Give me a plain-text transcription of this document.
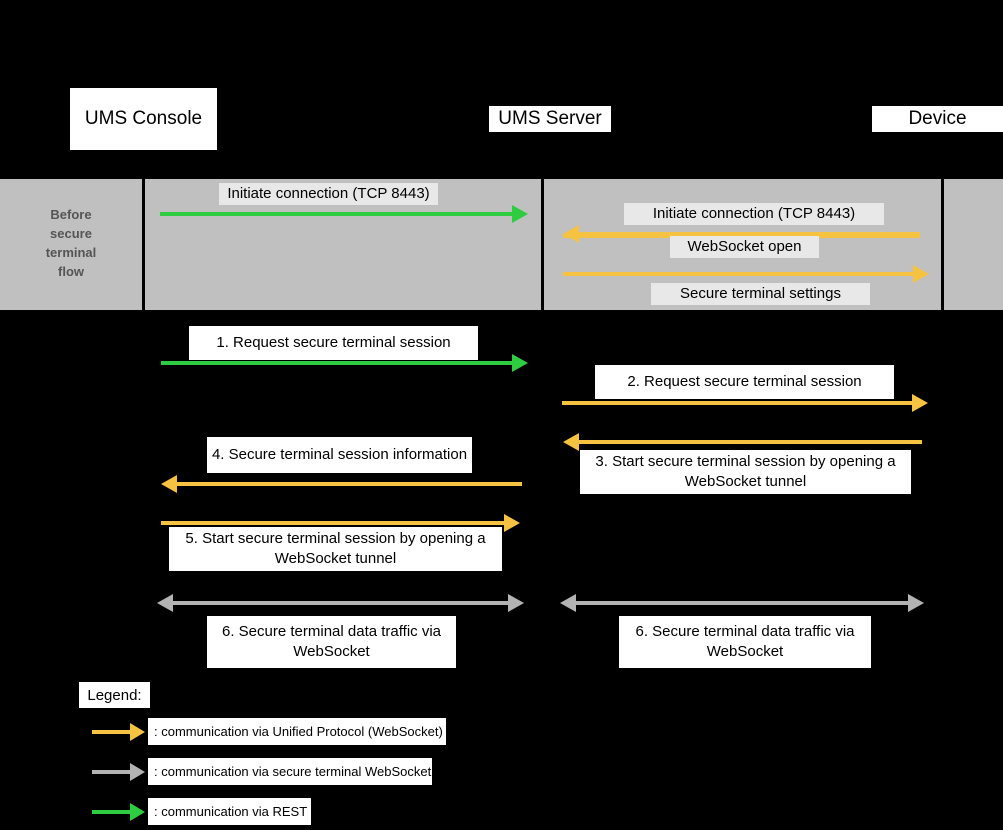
UMS Console	UMS Server	Device
Before
secure
terminal
flow
Initiate connection (TCP 8443)
Initiate connection (TCP 8443)
WebSocket open
Secure terminal settings
1. Request secure terminal session
2. Request secure terminal session
3. Start secure terminal session by opening a WebSocket tunnel
4. Secure terminal session information
5. Start secure terminal session by opening a WebSocket tunnel
6. Secure terminal data traffic via WebSocket
6. Secure terminal data traffic via WebSocket
Legend:
: communication via Unified Protocol (WebSocket)
: communication via secure terminal WebSocket
: communication via REST
